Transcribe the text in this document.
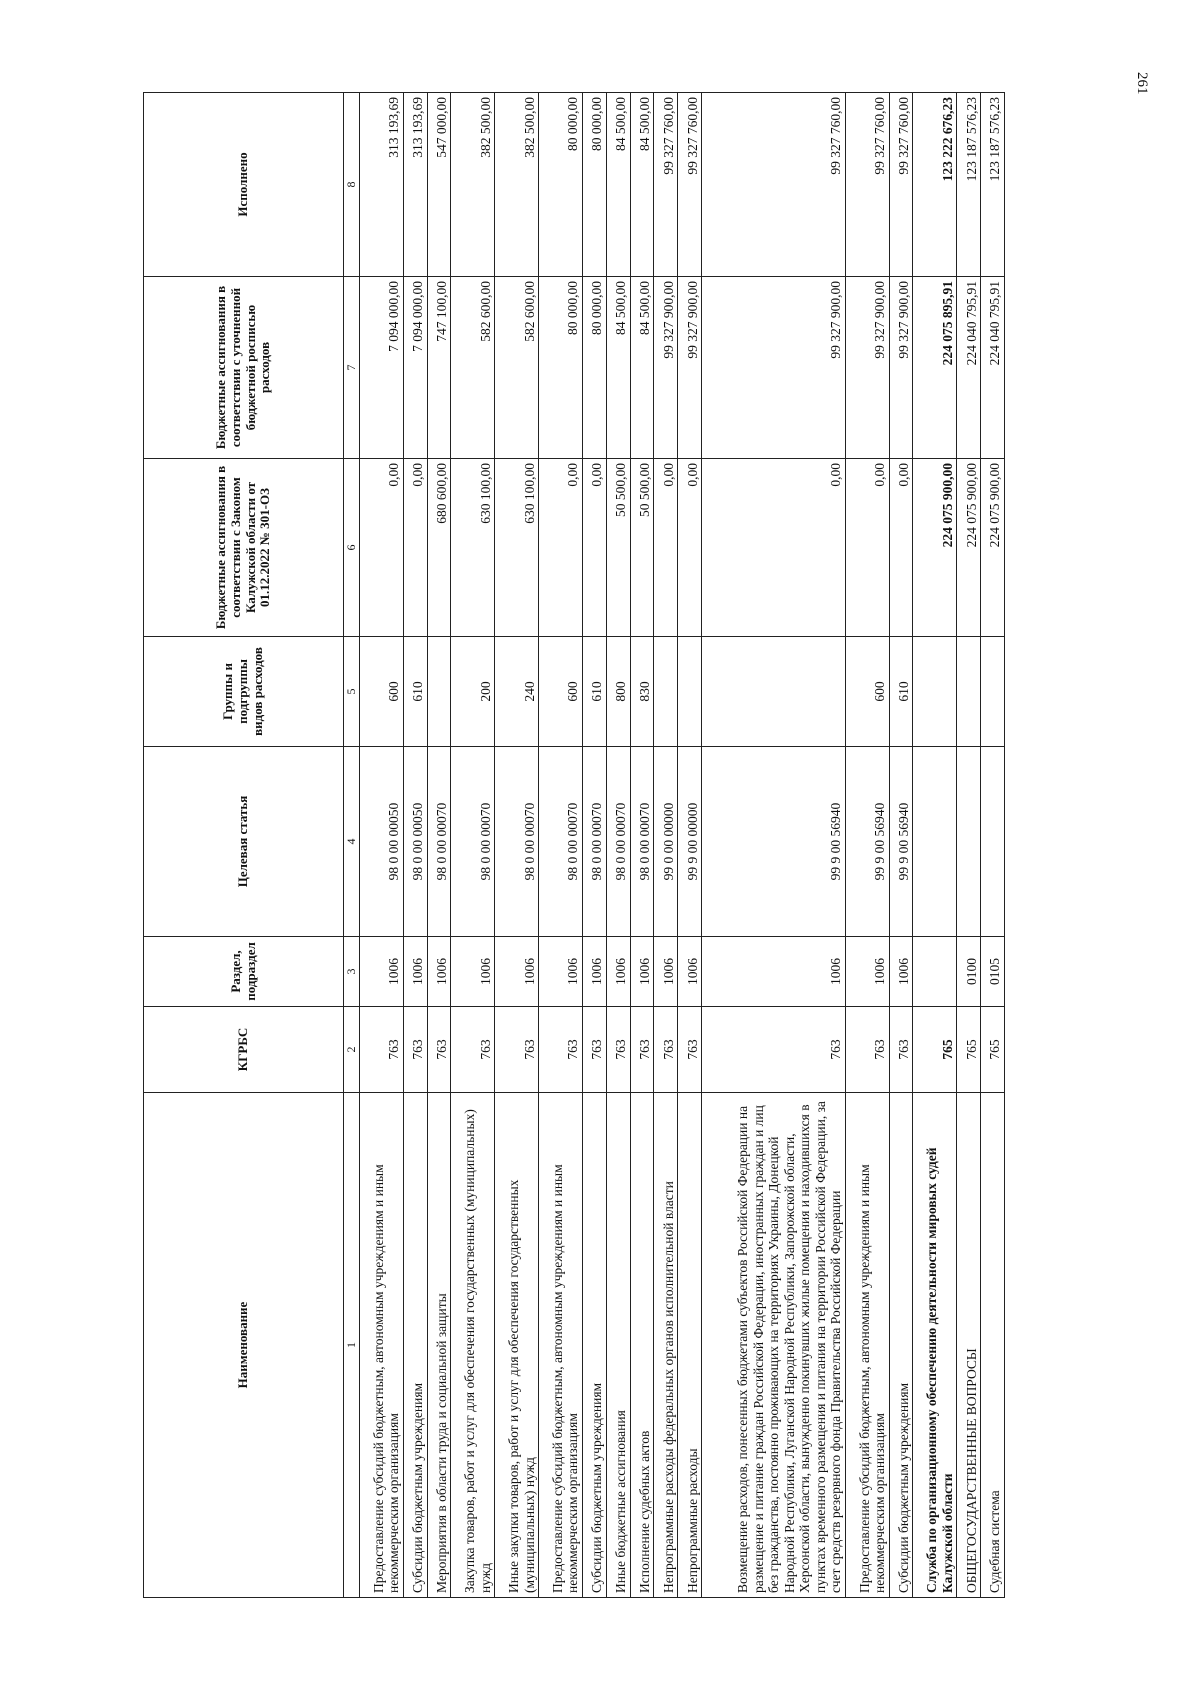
261
Наименование	КГРБС	Раздел, подраздел	Целевая статья	Группы и подгруппы видов расходов	Бюджетные ассигнования в соответствии с Законом Калужской области от 01.12.2022 № 301-ОЗ	Бюджетные ассигнования в соответствии с уточненной бюджетной росписью расходов	Исполнено
1	2	3	4	5	6	7	8
Предоставление субсидий бюджетным, автономным учреждениям и иным некоммерческим организациям	763	1006	98 0 00 00050	600	0,00	7 094 000,00	313 193,69
Субсидии бюджетным учреждениям	763	1006	98 0 00 00050	610	0,00	7 094 000,00	313 193,69
Мероприятия в области труда и социальной защиты	763	1006	98 0 00 00070		680 600,00	747 100,00	547 000,00
Закупка товаров, работ и услуг для обеспечения государственных (муниципальных) нужд	763	1006	98 0 00 00070	200	630 100,00	582 600,00	382 500,00
Иные закупки товаров, работ и услуг для обеспечения государственных (муниципальных) нужд	763	1006	98 0 00 00070	240	630 100,00	582 600,00	382 500,00
Предоставление субсидий бюджетным, автономным учреждениям и иным некоммерческим организациям	763	1006	98 0 00 00070	600	0,00	80 000,00	80 000,00
Субсидии бюджетным учреждениям	763	1006	98 0 00 00070	610	0,00	80 000,00	80 000,00
Иные бюджетные ассигнования	763	1006	98 0 00 00070	800	50 500,00	84 500,00	84 500,00
Исполнение судебных актов	763	1006	98 0 00 00070	830	50 500,00	84 500,00	84 500,00
Непрограммные расходы федеральных органов исполнительной власти	763	1006	99 0 00 00000		0,00	99 327 900,00	99 327 760,00
Непрограммные расходы	763	1006	99 9 00 00000		0,00	99 327 900,00	99 327 760,00
Возмещение расходов, понесенных бюджетами субъектов Российской Федерации на размещение и питание граждан Российской Федерации, иностранных граждан и лиц без гражданства, постоянно проживающих на территориях Украины, Донецкой Народной Республики, Луганской Народной Республики, Запорожской области, Херсонской области, вынужденно покинувших жилые помещения и находившихся в пунктах временного размещения и питания на территории Российской Федерации, за счет средств резервного фонда Правительства Российской Федерации	763	1006	99 9 00 56940		0,00	99 327 900,00	99 327 760,00
Предоставление субсидий бюджетным, автономным учреждениям и иным некоммерческим организациям	763	1006	99 9 00 56940	600	0,00	99 327 900,00	99 327 760,00
Субсидии бюджетным учреждениям	763	1006	99 9 00 56940	610	0,00	99 327 900,00	99 327 760,00
Служба по организационному обеспечению деятельности мировых судей Калужской области	765				224 075 900,00	224 075 895,91	123 222 676,23
ОБЩЕГОСУДАРСТВЕННЫЕ ВОПРОСЫ	765	0100			224 075 900,00	224 040 795,91	123 187 576,23
Судебная система	765	0105			224 075 900,00	224 040 795,91	123 187 576,23
